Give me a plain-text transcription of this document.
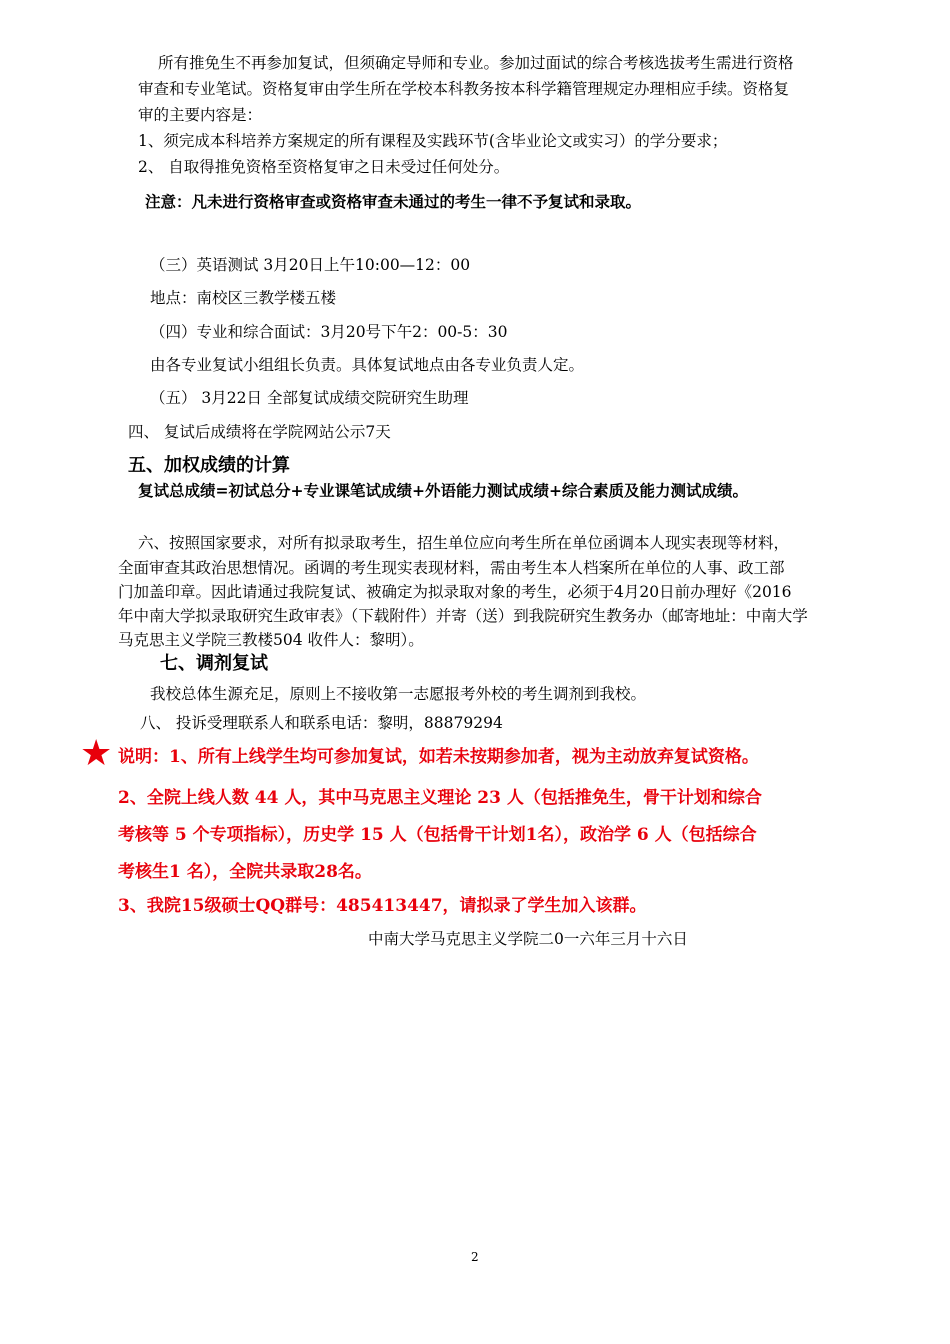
所有推免生不再参加复试，但须确定导师和专业。参加过面试的综合考核选拔考生需进行资格
审查和专业笔试。资格复审由学生所在学校本科教务按本科学籍管理规定办理相应手续。资格复
审的主要内容是：
1、须完成本科培养方案规定的所有课程及实践环节(含毕业论文或实习）的学分要求；
2、 自取得推免资格至资格复审之日未受过任何处分。
注意：凡未进行资格审查或资格审查未通过的考生一律不予复试和录取。
（三）英语测试 3月20日上午10:00—12：00
地点：南校区三教学楼五楼
（四）专业和综合面试：3月20号下午2：00-5：30
由各专业复试小组组长负责。具体复试地点由各专业负责人定。
（五） 3月22日 全部复试成绩交院研究生助理
四、 复试后成绩将在学院网站公示7天
五、加权成绩的计算
复试总成绩=初试总分+专业课笔试成绩+外语能力测试成绩+综合素质及能力测试成绩。
六、按照国家要求，对所有拟录取考生，招生单位应向考生所在单位函调本人现实表现等材料，
全面审查其政治思想情况。函调的考生现实表现材料，需由考生本人档案所在单位的人事、政工部
门加盖印章。因此请通过我院复试、被确定为拟录取对象的考生，必须于4月20日前办理好《2016
年中南大学拟录取研究生政审表》（下载附件）并寄（送）到我院研究生教务办（邮寄地址：中南大学
马克思主义学院三教楼504 收件人：黎明）。
七、调剂复试
我校总体生源充足，原则上不接收第一志愿报考外校的考生调剂到我校。
八、 投诉受理联系人和联系电话：黎明，88879294
★ 说明：1、所有上线学生均可参加复试，如若未按期参加者，视为主动放弃复试资格。
2、全院上线人数 44 人，其中马克思主义理论 23 人（包括推免生，骨干计划和综合
考核等 5 个专项指标），历史学 15 人（包括骨干计划1名），政治学 6 人（包括综合
考核生1 名），全院共录取28名。
3、我院15级硕士QQ群号：485413447，请拟录了学生加入该群。
中南大学马克思主义学院二0一六年三月十六日
2
